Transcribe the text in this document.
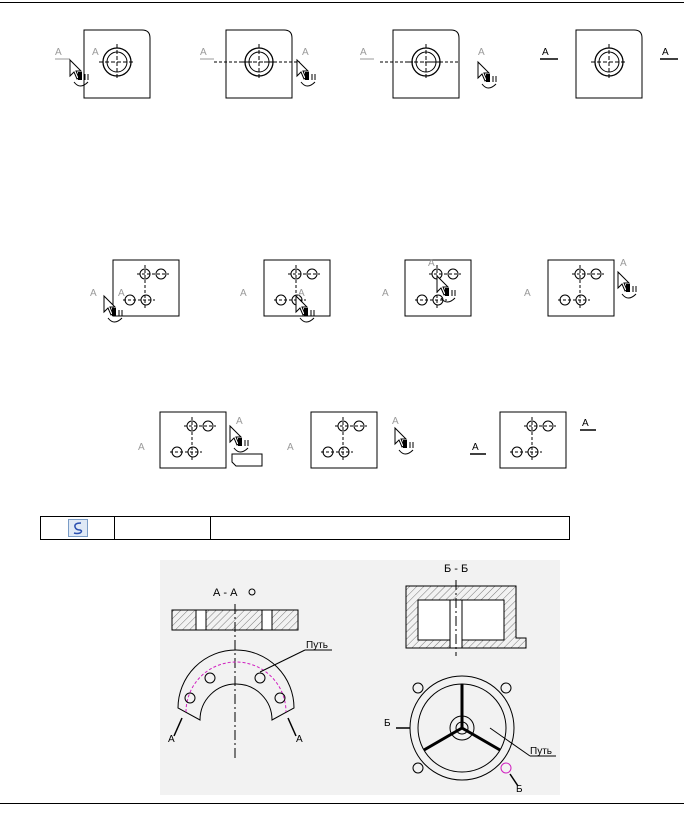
A	A	A	A	A	A	A	A
A A	A	A	A
A
A
A
A
A
A
A
A
A
А - А
Путь
А	А
Б - Б
Путь
Б
Б
